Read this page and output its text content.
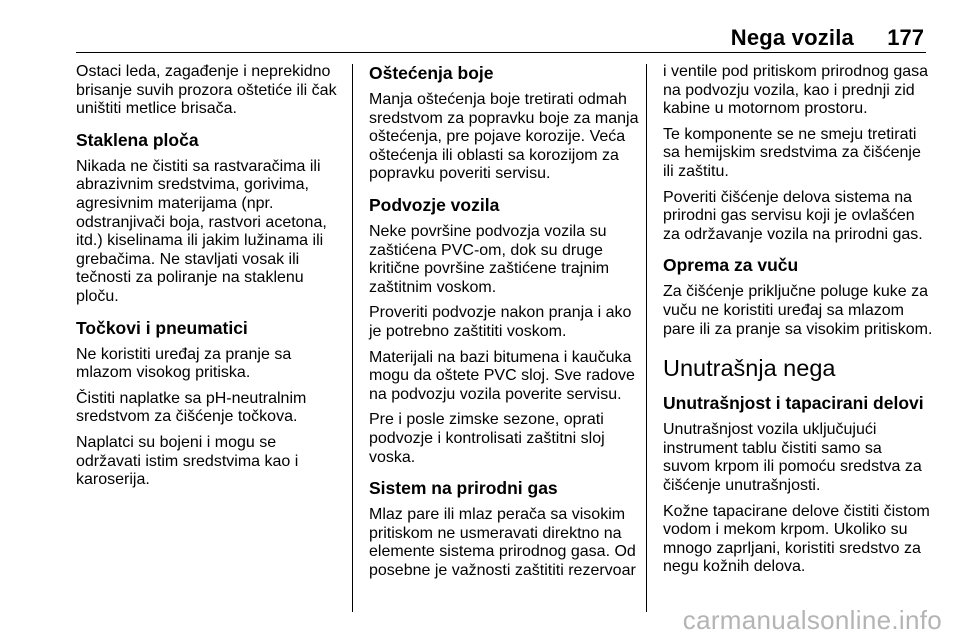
Nega vozila 177

Ostaci leda, zagađenje i neprekidno brisanje suvih prozora oštetiće ili čak uništiti metlice brisača.

Staklena ploča

Nikada ne čistiti sa rastvaračima ili abrazivnim sredstvima, gorivima, agresivnim materijama (npr. odstranjivači boja, rastvori acetona, itd.) kiselinama ili jakim lužinama ili grebačima. Ne stavljati vosak ili tečnosti za poliranje na staklenu ploču.

Točkovi i pneumatici

Ne koristiti uređaj za pranje sa mlazom visokog pritiska.

Čistiti naplatke sa pH-neutralnim sredstvom za čišćenje točkova.

Naplatci su bojeni i mogu se održavati istim sredstvima kao i karoserija.

Oštećenja boje

Manja oštećenja boje tretirati odmah sredstvom za popravku boje za manja oštećenja, pre pojave korozije. Veća oštećenja ili oblasti sa korozijom za popravku poveriti servisu.

Podvozje vozila

Neke površine podvozja vozila su zaštićena PVC-om, dok su druge kritične površine zaštićene trajnim zaštitnim voskom.

Proveriti podvozje nakon pranja i ako je potrebno zaštititi voskom.

Materijali na bazi bitumena i kaučuka mogu da oštete PVC sloj. Sve radove na podvozju vozila poverite servisu.

Pre i posle zimske sezone, oprati podvozje i kontrolisati zaštitni sloj voska.

Sistem na prirodni gas

Mlaz pare ili mlaz perača sa visokim pritiskom ne usmeravati direktno na elemente sistema prirodnog gasa. Od posebne je važnosti zaštititi rezervoar

i ventile pod pritiskom prirodnog gasa na podvozju vozila, kao i prednji zid kabine u motornom prostoru.

Te komponente se ne smeju tretirati sa hemijskim sredstvima za čišćenje ili zaštitu.

Poveriti čišćenje delova sistema na prirodni gas servisu koji je ovlašćen za održavanje vozila na prirodni gas.

Oprema za vuču

Za čišćenje priključne poluge kuke za vuču ne koristiti uređaj sa mlazom pare ili za pranje sa visokim pritiskom.

Unutrašnja nega
Unutrašnjost i tapacirani delovi

Unutrašnjost vozila uključujući instrument tablu čistiti samo sa suvom krpom ili pomoću sredstva za čišćenje unutrašnjosti.

Kožne tapacirane delove čistiti čistom vodom i mekom krpom. Ukoliko su mnogo zaprljani, koristiti sredstvo za negu kožnih delova.

carmanualsonline.info
